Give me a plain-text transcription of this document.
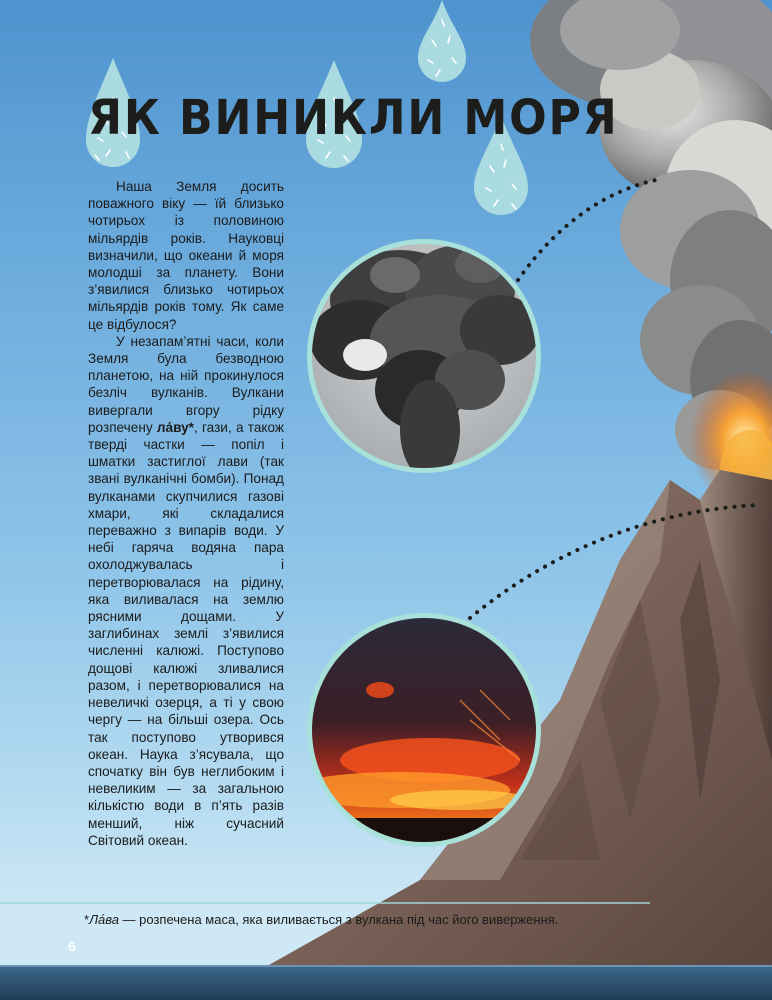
ЯК ВИНИКЛИ МОРЯ

Наша Земля досить поважного віку — їй близько чотирьох із половиною мільярдів років. Науковці визначили, що океани й моря молодші за планету. Вони з’явилися близько чотирьох мільярдів років тому. Як саме це відбулося?

У незапам’ятні часи, коли Земля була безводною планетою, на ній прокинулося безліч вулканів. Вулкани вивергали вгору рідку розпечену ла́ву*, гази, а також тверді частки — попіл і шматки застиглої лави (так звані вулканічні бомби). Понад вулканами скупчилися газові хмари, які складалися переважно з випарів води. У небі гаряча водяна пара охолоджувалась і перетворювалася на рідину, яка виливалася на землю рясними дощами. У заглибинах землі з’явилися численні калюжі. Поступово дощові калюжі зливалися разом, і перетворювалися на невеличкі озерця, а ті у свою чергу — на більші озера. Ось так поступово утворився океан. Наука з’ясувала, що спочатку він був неглибоким і невеликим — за загальною кількістю води в п’ять разів менший, ніж сучасний Світовий океан.

*Ла́ва — розпечена маса, яка виливається з вулкана під час його виверження.
6
